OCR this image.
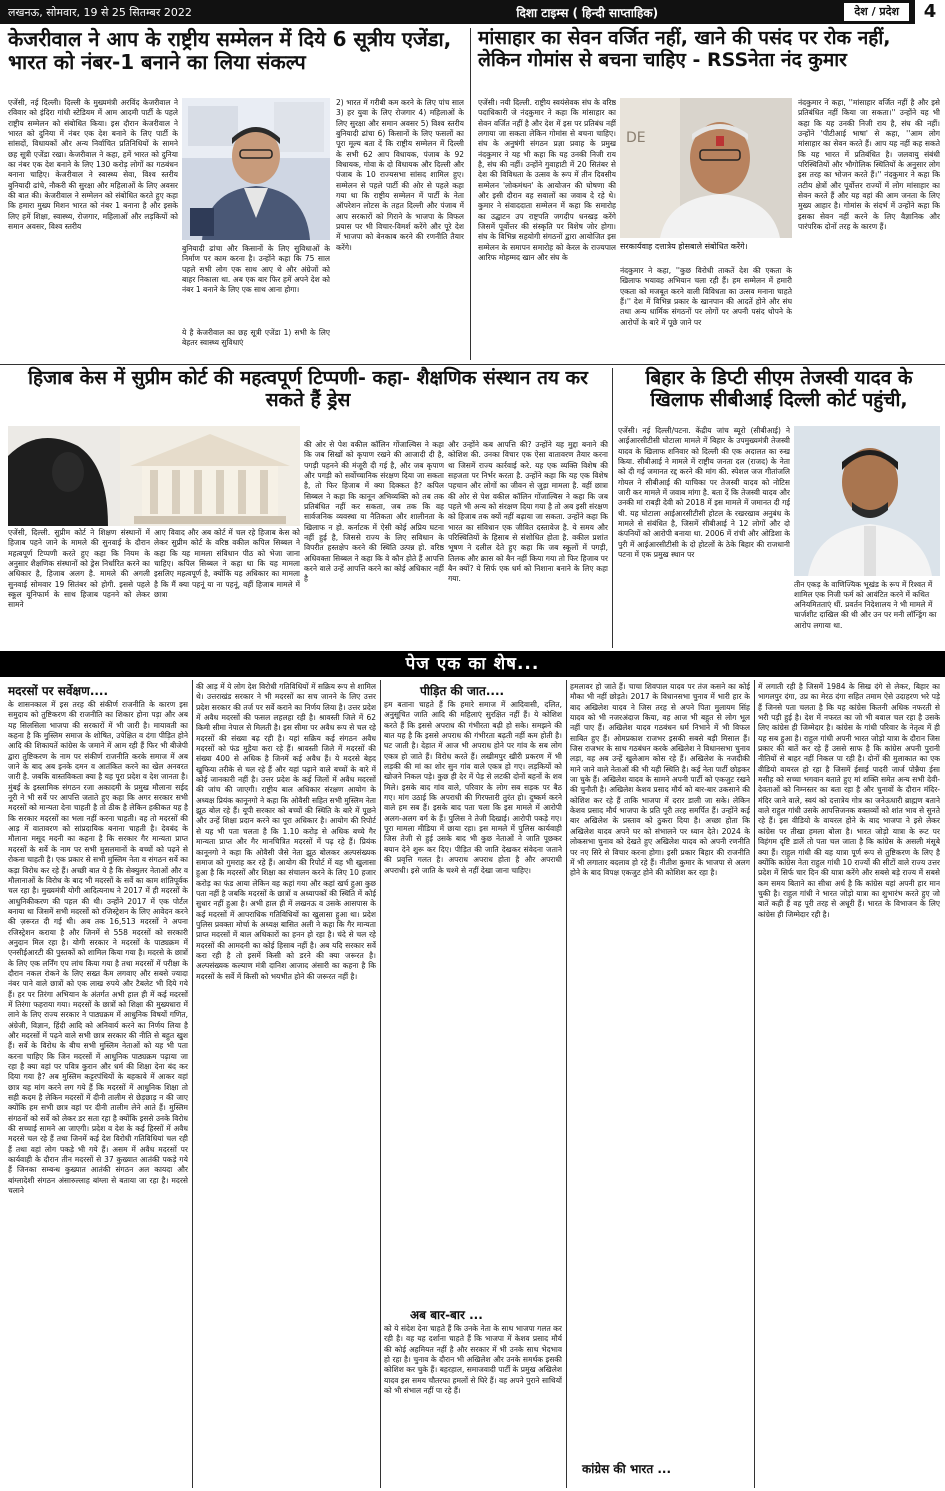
लखनऊ, सोमवार, 19 से 25 सितम्बर 2022	दिशा टाइम्स ( हिन्दी साप्ताहिक)	देश / प्रदेश	4
केजरीवाल ने आप के राष्ट्रीय सम्मेलन में दिये 6 सूत्रीय एजेंडा, भारत को नंबर-1 बनाने का लिया संकल्प
एजेंसी, नई दिल्ली। दिल्ली के मुख्यमंत्री अरविंद केजरीवाल ने रविवार को इंदिरा गांधी स्टेडियम में आम आदमी पार्टी के पहले राष्ट्रीय सम्मेलन को संबोधित किया। इस दौरान केजरीवाल ने भारत को दुनिया में नंबर एक देश बनाने के लिए पार्टी के सांसदों, विधायकों और अन्य निर्वाचित प्रतिनिधियों के सामने छह सूत्री एजेंडा रखा। केजरीवाल ने कहा, हमें भारत को दुनिया का नंबर एक देश बनाने के लिए 130 करोड़ लोगों का गठबंधन बनाना चाहिए। केजरीवाल ने स्वास्थ्य सेवा, विश्व स्तरीय बुनियादी ढांचे, नौकरी की सुरक्षा और महिलाओं के लिए अवसर की बात की। केजरीवाल ने सम्मेलन को संबोधित करते हुए कहा कि हमारा मुख्य मिशन भारत को नंबर 1 बनाना है और इसके लिए हमें शिक्षा, स्वास्थ्य, रोजगार, महिलाओं और लड़कियों को समान अवसर, विश्व स्तरीय
बुनियादी ढांचा और किसानों के लिए सुविधाओं के निर्माण पर काम करना है। उन्होंने कहा कि 75 साल पहले सभी लोग एक साथ आए थे और अंग्रेजों को बाहर निकाला था. अब एक बार फिर हमें अपने देश को नंबर 1 बनाने के लिए एक साथ आना होगा।
ये है केजरीवाल का छह सूत्री एजेंडा 1) सभी के लिए बेहतर स्वास्थ्य सुविधाएं
2) भारत में गरीबी कम करने के लिए पांच साल 3) हर युवा के लिए रोजगार 4) महिलाओं के लिए सुरक्षा और समान अवसर 5) विश्व स्तरीय बुनियादी ढांचा 6) किसानों के लिए फसलों का पूरा मूल्य बता दें कि राष्ट्रीय सम्मेलन में दिल्ली के सभी 62 आप विधायक, पंजाब के 92 विधायक, गोवा के दो विधायक और दिल्ली और पंजाब के 10 राज्यसभा सांसद शामिल हुए। सम्मेलन से पहले पार्टी की ओर से पहले कहा गया था कि राष्ट्रीय सम्मेलन में पार्टी के नेता ऑपरेशन लोटस के तहत दिल्ली और पंजाब में आप सरकारों को गिराने के भाजपा के विफल प्रयास पर भी विचार-विमर्श करेंगे और पूरे देश में भाजपा को बेनकाब करने की रणनीति तैयार करेंगे।
मांसाहार का सेवन वर्जित नहीं, खाने की पसंद पर रोक नहीं, लेकिन गोमांस से बचना चाहिए - RSSनेता नंद कुमार
एजेंसी। नयी दिल्ली. राष्ट्रीय स्वयंसेवक संघ के वरिष्ठ पदाधिकारी जे नंदकुमार ने कहा कि मांसाहार का सेवन वर्जित नहीं है और देश में इस पर प्रतिबंध नहीं लगाया जा सकता लेकिन गोमांस से बचना चाहिए। संघ के अनुषंगी संगठन प्रज्ञा प्रवाह के प्रमुख नंदकुमार ने यह भी कहा कि यह उनकी निजी राय है, संघ की नहीं। उन्होंने गुवाहाटी में 20 सितंबर से देश की विविधता के उत्सव के रूप में तीन दिवसीय सम्मेलन 'लोकमंथन' के आयोजन की घोषणा की और इसी दौरान वह सवालों का जवाब दे रहे थे। कुमार ने संवाददाता सम्मेलन में कहा कि समारोह का उद्घाटन उप राष्ट्रपति जगदीप धनखड़ करेंगे जिसमें पूर्वोत्तर की संस्कृति पर विशेष जोर होगा। संघ के विभिन्न सहयोगी संगठनों द्वारा आयोजित इस सम्मेलन के समापन समारोह को केरल के राज्यपाल आरिफ मोहम्मद खान और संघ के
DE
सरकार्यवाह दत्तात्रेय होसबाले संबोधित करेंगे।
नंदकुमार ने कहा, ''कुछ विरोधी ताकतें देश की एकता के खिलाफ भयावह अभियान चला रही हैं। हम सम्मेलन में हमारी एकता को मजबूत करने वाली विविधता का उत्सव मनाना चाहते हैं।'' देश में विभिन्न प्रकार के खानपान की आदतें होने और संघ तथा अन्य धार्मिक संगठनों पर लोगों पर अपनी पसंद थोपने के आरोपों के बारे में पूछे जाने पर
नंदकुमार ने कहा, ''मांसाहार वर्जित नहीं है और इसे प्रतिबंधित नहीं किया जा सकता।'' उन्होंने यह भी कहा कि यह उनकी निजी राय है, संघ की नहीं। उन्होंने 'पीटीआई भाषा' से कहा, ''आम लोग मांसाहार का सेवन करते हैं। आप यह नहीं कह सकते कि यह भारत में प्रतिबंधित है। जलवायु संबंधी परिस्थितियों और भौगोलिक स्थितियों के अनुसार लोग इस तरह का भोजन करते हैं।'' नंदकुमार ने कहा कि तटीय क्षेत्रों और पूर्वोत्तर राज्यों में लोग मांसाहार का सेवन करते हैं और यह वहां की आम जनता के लिए मुख्य आहार है। गोमांस के संदर्भ में उन्होंने कहा कि इसका सेवन नहीं करने के लिए वैज्ञानिक और पारंपरिक दोनों तरह के कारण हैं।
हिजाब केस में सुप्रीम कोर्ट की महत्वपूर्ण टिप्पणी- कहा- शैक्षणिक संस्थान तय कर सकते हैं ड्रेस
एजेंसी, दिल्ली. सुप्रीम कोर्ट ने शिक्षण संस्थानों में हिजाब पहने जाने के मामले की सुनवाई के दौरान महत्वपूर्ण टिप्पणी करते हुए कहा कि नियम के अनुसार शैक्षणिक संस्थानों को ड्रेस निर्धारित करने का अधिकार है, हिजाब अलग है. मामले की अगली सुनवाई सोमवार 19 सितंबर को होगी. इससे पहले स्कूल यूनिफार्म के साथ हिजाब पहनने को लेकर सामने
आए विवाद और अब कोर्ट में चल रहे हिजाब केस को लेकर सुप्रीम कोर्ट के वरिष्ठ वकील कपिल सिब्बल ने कहा कि यह मामला संविधान पीठ को भेजा जाना चाहिए। कपिल सिब्बल ने कहा था कि यह मामला इसलिए महत्वपूर्ण है, क्योंकि यह अधिकार का मामला है कि मैं क्या पहनूं या ना पहनूं, वहीं हिजाब मामले में छात्रा
की ओर से पेश वकील कॉलिन गोंजाल्विस ने कहा कि जब सिखों को कृपाण रखने की आजादी दी है, पगड़ी पहनने की मंजूरी दी गई है, और जब कृपाण और पगड़ी को सर्वोच्चानिक संरक्षण दिया जा सकता है, तो फिर हिजाब में क्या दिक्कत है? कपिल सिब्बल ने कहा कि कानून अभिव्यक्ति को तब तक प्रतिबंधित नहीं कर सकता, जब तक कि वह सार्वजनिक व्यवस्था या नैतिकता और शालीनता के खिलाफ न हो. कर्नाटक में ऐसी कोई अप्रिय घटना नहीं हुई है, जिससे राज्य के लिए सविधान के विपरीत हस्तक्षेप करने की स्थिति उत्पन्न हो. वरिष्ठ अधिवक्ता सिब्बल ने कहा कि वे कौन होते हैं आपत्ति करने वाले उन्हें आपत्ति करने का कोई अधिकार नहीं है
और उन्होंने कब आपत्ति की? उन्होंने यह मुद्दा बनाने की कोशिश की. उनका विचार एक ऐसा वातावरण तैयार करना था जिसमें राज्य कार्रवाई करे. यह एक व्यक्ति विशेष की सहजता पर निर्भर करता है. उन्होंने कहा कि यह एक विशेष पहचान और लोगों का जीवन से जुड़ा मामला है. वहीं छात्रा की ओर से पेश वकील कॉलिन गोंजाल्विस ने कहा कि जब पहले भी अन्य को संरक्षण दिया गया है तो अब इसी संरक्षण को हिजाब तक क्यों नहीं बढ़ाया जा सकता. उन्होंने कहा कि भारत का संविधान एक जीवित दस्तावेज है. ये समय और परिस्थितियों के हिसाब से संशोधित होता है. वकील प्रशांत भूषण ने दलील देते हुए कहा कि जब स्कूलों में पगड़ी, तिलक और क्रास को बैन नहीं किया गया तो फिर हिजाब पर बैन क्यों? ये सिर्फ एक धर्म को निशाना बनाने के लिए कहा गया.
बिहार के डिप्टी सीएम तेजस्वी यादव के खिलाफ सीबीआई दिल्ली कोर्ट पहुंची,
एजेंसी। नई दिल्ली/पटना. केंद्रीय जांच ब्यूरो (सीबीआई) ने आईआरसीटीसी घोटाला मामले में बिहार के उपमुख्यमंत्री तेजस्वी यादव के खिलाफ शनिवार को दिल्ली की एक अदालत का रुख किया. सीबीआई ने मामले में राष्ट्रीय जनता दल (राजद) के नेता को दी गई जमानत रद्द करने की मांग की. स्पेशल जज गीतांजलि गोयल ने सीबीआई की याचिका पर तेजस्वी यादव को नोटिस जारी कर मामले में जवाब मांगा है. बता दें कि तेजस्वी यादव और उनकी मां राबड़ी देवी को 2018 में इस मामले में जमानत दी गई थी. यह घोटाला आईआरसीटीसी होटल के रखरखाव अनुबंध के मामले से संबंधित है, जिसमें सीबीआई ने 12 लोगों और दो कंपनियों को आरोपी बनाया था. 2006 में रांची और ओडिशा के पुरी में आईआरसीटीसी के दो होटलों के ठेके बिहार की राजधानी पटना में एक प्रमुख स्थान पर
तीन एकड़ के वाणिज्यिक भूखंड के रूप में रिश्वत में शामिल एक निजी फर्म को आवंटित करने में कथित अनियमितताएं थीं. प्रवर्तन निदेशालय ने भी मामले में चार्जशीट दाखिल की थी और उन पर मनी लॉन्ड्रिंग का आरोप लगाया था.
पेज एक का शेष...
मदरसों पर सर्वेक्षण....
के शासनकाल में इस तरह की संकीर्ण राजनीति के कारण इस समुदाय को तुष्टिकरण की राजनीति का शिकार होना पड़ा और अब यह सिलसिला भाजपा की सरकारों में भी जारी है। मायावती का कहना है कि मुस्लिम समाज के शोषित, उपेक्षित व दंगा पीड़ित होने आदि की शिकायतें कांग्रेस के जमाने में आम रही हैं फिर भी बीजेपी द्वारा तुष्टिकरण के नाम पर संकीर्ण राजनीति करके समाज में अब जाने के बाद अब इनके दमन व आतंकित करने का खेल अनवरत जारी है. जबकि वास्तविकता क्या है यह पूरा प्रदेश व देश जानता है। मुंबई के इस्लामिक संगठन रजा अकादमी के प्रमुख मौलाना सईद नूरी ने भी सर्वे पर आपत्ति जताते हुए कहा कि अगर सरकार सभी मदरसों को मान्यता देना चाहती है तो ठीक है लेकिन हकीकत यह है कि सरकार मदरसों का भला नहीं करना चाहती। वह तो मदरसों की आड़ में वातावरण को सांप्रदायिक बनाना चाहती है। देवबंद के मौलाना मसूद मदनी का कहना है कि सरकार गैर मान्यता प्राप्त मदरसों के सर्वे के नाम पर सभी मुसलमानों के बच्चों को पढ़ने से रोकना चाहती है। एक प्रकार से सभी मुस्लिम नेता व संगठन सर्वे का कड़ा विरोध कर रहे हैं। अच्छी बात ये है कि सेक्युलर नेताओं और व मौलानाओं के विरोध के बाद भी मदरसों के सर्वे का काम शांतिपूर्वक चल रहा है। मुख्यमंत्री योगी आदित्यनाथ ने 2017 में ही मदरसों के आधुनिकीकरण की पहल की थी। उन्होंने 2017 में एक पोर्टल बनाया था जिसमें सभी मदरसों को रजिस्ट्रेशन के लिए आवेदन करने की ज़रूरत दी गई थी। अब तक 16,513 मदरसों ने अपना रजिस्ट्रेशन कराया है और जिनमें से 558 मदरसों को सरकारी अनुदान मिल रहा है। योगी सरकार ने मदरसों के पाठ्यक्रम में एनसीईआरटी की पुस्तकों को शामिल किया गया है। मदरसे के छात्रों के लिए एक लर्निंग एप लांच किया गया है तथा मदरसों में परीक्षा के दौरान नकल रोकने के लिए सख्त कैम लगवाए और सबसे ज्यादा नंबर पाने वाले छात्रों को एक लाख रुपये और टैबलेट भी दिये गये हैं। हर पर तिरंगा अभियान के अंतर्गत अभी हाल ही में कई मदरसों में तिरंगा फहराया गया। मदरसों के छात्रों को शिक्षा की मुख्यधारा में लाने के लिए राज्य सरकार ने पाठ्यक्रम में आधुनिक विषयों गणित, अंग्रेजी, विज्ञान, हिंदी आदि को अनिवार्य करने का निर्णय लिया है और मदरसों में पढ़ने वाले सभी छात्र सरकार की नीति से बहुत खुश हैं। सर्वे के विरोध के बीच सभी मुस्लिम नेताओं को यह भी पता करना चाहिए कि जिन मदरसों में आधुनिक पाठ्यक्रम पढ़ाया जा रहा है क्या वहां पर पवित्र कुरान और धर्म की शिक्षा देना बंद कर दिया गया है? अब मुस्लिम कट्टरपंथियों के बहकावे में आकर वहां छात्र यह मांग करने लग गये हैं कि मदरसों में आधुनिक शिक्षा तो सही कदम है लेकिन मदरसों में दीनी तालीम से छेड़छाड़ न की जाए क्योंकि हम सभी छात्र वहां पर दीनी तालीम लेने आते हैं। मुस्लिम संगठनों को सर्वे को लेकर डर सता रहा है क्योंकि इससे उनके विरोध की सच्चाई सामने आ जाएगी। प्रदेश व देश के कई हिस्सों में अवैध मदरसे चल रहे हैं तथा जिनमें कई देश विरोधी गतिविधियां चल रही हैं तथा वहां लोग पकड़े भी गये हैं। असम में अवैध मदरसों पर कार्यवाही के दौरान तीन मदरसों से 37 कुख्यात आतंकी पकड़े गये हैं जिनका सम्बन्ध कुख्यात आतंकी संगठन अल कायदा और बांग्लादेशी संगठन अंसारुल्लाह बांग्ला से बताया जा रहा है। मदरसे चलाने
की आड़ में ये लोग देश विरोधी गतिविधियों में सक्रिय रूप से शामिल थे। उत्तराखंड सरकार ने भी मदरसों का सच जानने के लिए उत्तर प्रदेश सरकार की तर्ज पर सर्वे कराने का निर्णय लिया है। उत्तर प्रदेश में अवैध मदरसों की फसल लहलहा रही है। श्रावस्ती जिले में 62 किमी सीमा नेपाल से मिलती है। इस सीमा पर अवैध रूप से चल रहे मदरसों की संख्या बढ़ रही है। यहां सक्रिय कई संगठन अवैध मदरसों को फंड मुहैया करा रहे हैं। श्रावस्ती जिले में मदरसों की संख्या 400 से अधिक है जिनमें कई अवैध हैं। ये मदरसे बेहद खुफिया तरीके से चल रहे हैं और यहां पढ़ाने वाले बच्चों के बारे में कोई जानकारी नहीं है। उत्तर प्रदेश के कई जिलों में अवैध मदरसों की जांच की जाएगी। राष्ट्रीय बाल अधिकार संरक्षण आयोग के अध्यक्ष प्रियंक कानूनगो ने कहा कि ओवैसी सहित सभी मुस्लिम नेता झूठ बोल रहे हैं। यूपी सरकार को बच्चों की स्थिति के बारे में पूछने और उन्हें शिक्षा प्रदान करने का पूरा अधिकार है। आयोग की रिपोर्ट से यह भी पता चलता है कि 1.10 करोड़ से अधिक बच्चे गैर मान्यता प्राप्त और गैर मानचित्रित मदरसों में पढ़ रहे हैं। प्रियंक कानूनगो ने कहा कि ओवैसी जैसे नेता झूठ बोलकर अल्पसंख्यक समाज को गुमराह कर रहे हैं। आयोग की रिपोर्ट में यह भी खुलासा हुआ है कि मदरसों और शिक्षा का संचालन करने के लिए 10 हजार करोड़ का फंड आया लेकिन वह कहां गया और कहां खर्च हुआ कुछ पता नहीं है जबकि मदरसों के छात्रों व अध्यापकों की स्थिति में कोई सुधार नहीं हुआ है। अभी हाल ही में लखनऊ व उसके आसपास के कई मदरसों में आपराधिक गतिविधियों का खुलासा हुआ था। प्रदेश पुलिस प्रवक्ता मोर्चा के अध्यक्ष बासित अली ने कहा कि गैर मान्यता प्राप्त मदरसों में बाल अधिकारों का हनन हो रहा है। चंदे से चल रहे मदरसों की आमदनी का कोई हिसाब नहीं है। अब यदि सरकार सर्वे करा रही है तो इसमें किसी को डरने की क्या जरूरत है। अल्पसंख्यक कल्याण मंत्री दानिश आजाद अंसारी का कहना है कि मदरसों के सर्वे में किसी को भयभीत होने की जरूरत नहीं है।
पीड़ित की जात....
हम बताना चाहते हैं कि हमारे समाज में आदिवासी, दलित, अनुसूचित जाति आदि की महिलाएं सुरक्षित नहीं हैं। ये कोशिश करते हैं कि इससे अपराध की गंभीरता बढ़ी हो सके। समझने की बात यह है कि इससे अपराध की गंभीरता बढ़ती नहीं कम होती है। घट जाती है। देहात में आज भी अपराध होने पर गांव के सब लोग एकत्र हो जाते हैं। विरोध करते हैं। लखीमपुर खीरी प्रकरण में भी लड़की की मां का शोर सुन गांव वाले एकत्र हो गए। लड़कियों को खोजने निकल पड़े। कुछ ही देर में पेड़ से लटकी दोनों बहनों के शव मिले। इसके बाद गांव वाले, परिवार के लोग सब सड़क पर बैठ गए। मांग उठाई कि अपराधी की गिरफ्तारी तुरंत हो। दुष्कर्म करने वाले हम सब हैं। इसके बाद पता चला कि इस मामले में आरोपी अलग-अलग वर्ग के हैं। पुलिस ने तेजी दिखाई। आरोपी पकड़े गए। पूरा मामला मीडिया में छाया रहा। इस मामले में पुलिस कार्यवाही जिस तेजी से हुई उसके बाद भी कुछ नेताओं ने जाति पूछकर बयान देने शुरू कर दिए। पीड़ित की जाति देखकर संवेदना जताने की प्रवृत्ति गलत है। अपराध अपराध होता है और अपराधी अपराधी। इसे जाति के चश्मे से नहीं देखा जाना चाहिए।
अब बार-बार ...
को ये संदेश देना चाहते हैं कि उनके नेता के साथ भाजपा गलत कर रही है। वह यह दर्शाना चाहते हैं कि भाजपा में केशव प्रसाद मौर्य की कोई अहमियत नहीं है और सरकार में भी उनके साथ भेदभाव हो रहा है। चुनाव के दौरान भी अखिलेश और उनके समर्थक इसकी कोशिश कर चुके हैं। बहरहाल, समाजवादी पार्टी के प्रमुख अखिलेश यादव इस समय चौतरफा हमलों से घिरे हैं। वह अपने पुराने साथियों को भी संभाल नहीं पा रहे हैं।
हमलावर हो जाते हैं। चाचा शिवपाल यादव पर तंज कसने का कोई मौका भी नहीं छोड़ते। 2017 के विधानसभा चुनाव में भारी हार के बाद अखिलेश यादव ने जिस तरह से अपने पिता मुलायम सिंह यादव को भी नजरअंदाज किया, वह आज भी बहुत से लोग भूल नहीं पाए हैं। अखिलेश यादव गठबंधन धर्म निभाने में भी विफल साबित हुए हैं। ओमप्रकाश राजभर इसकी सबसे बड़ी मिसाल हैं। जिस राजभर के साथ गठबंधन करके अखिलेश ने विधानसभा चुनाव लड़ा, वह अब उन्हें खुलेआम कोस रहे हैं। अखिलेश के नजदीकी माने जाने वाले नेताओं की भी यही स्थिति है। कई नेता पार्टी छोड़कर जा चुके हैं। अखिलेश यादव के सामने अपनी पार्टी को एकजुट रखने की चुनौती है। अखिलेश केशव प्रसाद मौर्य को बार-बार उकसाने की कोशिश कर रहे हैं ताकि भाजपा में दरार डाली जा सके। लेकिन केशव प्रसाद मौर्य भाजपा के प्रति पूरी तरह समर्पित हैं। उन्होंने कई बार अखिलेश के प्रस्ताव को ठुकरा दिया है। अच्छा होता कि अखिलेश यादव अपने घर को संभालने पर ध्यान देते। 2024 के लोकसभा चुनाव को देखते हुए अखिलेश यादव को अपनी रणनीति पर नए सिरे से विचार करना होगा। इसी प्रकार बिहार की राजनीति में भी लगातार बदलाव हो रहे हैं। नीतीश कुमार के भाजपा से अलग होने के बाद विपक्ष एकजुट होने की कोशिश कर रहा है।
कांग्रेस की भारत ...
में लगाती रही है जिसमें 1984 के सिख दंगे से लेकर, बिहार का भागलपुर दंगा, उप्र का मेरठ दंगा सहित तमाम ऐसे उदाहरण भरे पड़े हैं जिनसे पता चलता है कि यह कांग्रेस कितनी अधिक नफरती से भरी पड़ी हुई है। देश में नफरत का जो भी बवाल चल रहा है उसके लिए कांग्रेस ही जिम्मेदार है। कांग्रेस के गांधी परिवार के नेतृत्व में ही यह सब हुआ है। राहुल गांधी अपनी भारत जोड़ो यात्रा के दौरान जिस प्रकार की बातें कर रहे हैं उससे साफ है कि कांग्रेस अपनी पुरानी नीतियों से बाहर नहीं निकल पा रही है। दोनों की मुलाकात का एक वीडियो वायरल हो रहा है जिसमें ईसाई पादरी जार्ज पोन्नैया ईसा मसीह को सच्चा भगवान बताते हुए मां शक्ति समेत अन्य सभी देवी-देवताओं को निम्नस्तर का बता रहा है और चुनावों के दौरान मंदिर-मंदिर जाने वाले, स्वयं को दत्तात्रेय गोत्र का जनेऊधारी ब्राह्मण बताने वाले राहुल गांधी उसके आपत्तिजनक वक्तव्यों को शांत भाव से सुनते रहे हैं। इस वीडियो के वायरल होने के बाद भाजपा ने इसे लेकर कांग्रेस पर तीखा हमला बोला है। भारत जोड़ो यात्रा के रूट पर विहंगम दृष्टि डालें तो पता चल जाता है कि कांग्रेस के असली मंसूबे क्या हैं। राहुल गांधी की यह यात्रा पूर्ण रूप से तुष्टिकरण के लिए है क्योंकि कांग्रेस नेता राहुल गांधी 10 राज्यों की सीटों वाले राज्य उत्तर प्रदेश में सिर्फ चार दिन की यात्रा करेंगे और सबसे बड़े राज्य में सबसे कम समय बिताने का सीधा अर्थ है कि कांग्रेस यहां अपनी हार मान चुकी है। राहुल गांधी ने भारत जोड़ो यात्रा का शुभारंभ करते हुए जो बातें कही हैं वह पूरी तरह से अधूरी हैं। भारत के विभाजन के लिए कांग्रेस ही जिम्मेदार रही है।
